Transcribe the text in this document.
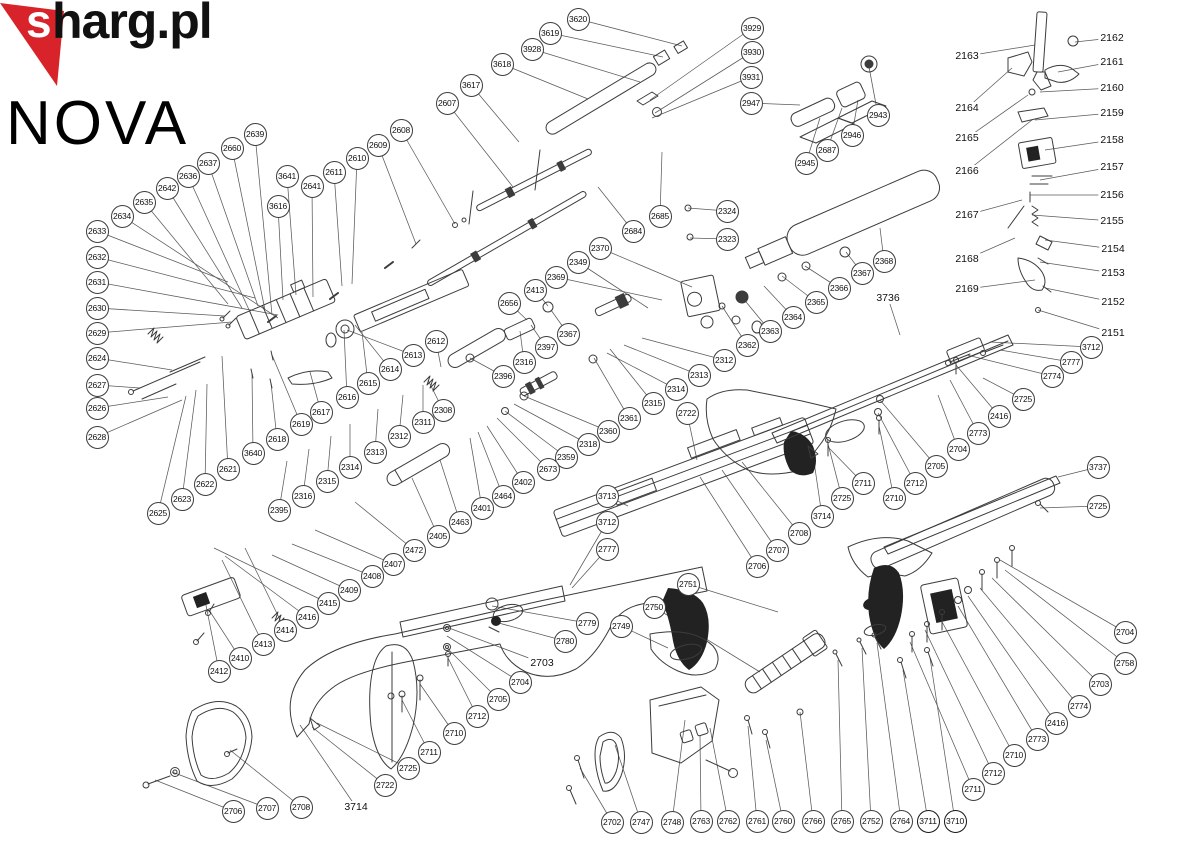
s harg.pl
NOVA
3620
3619
3928
3618
3617
2607
2608
2609
2610
2611
2639
2660
2637
2636
2642
2635
2634
2633
2632
2631
2630
2629
2624
2627
2626
2628
3641
2641
3616
3929
3930
3931
2947
2943
2946
2687
2945
2685
2684
2324
2323
2370
2349
2369
2413
2656
2367
2397
2316
2396
2612
2613
2614
2615
2616
2617
2619
2618
3640
2621
2622
2623
2625
2308
2311
2312
2313
2314
2315
2316
2395
2368
2367
2366
2365
2364
2363
2362
2312
2313
2314
2315
2361
2360
2318
2359
2673
2402
2464
2401
2463
2405
2472
2407
2408
2409
2415
2416
2414
2413
2410
2412
2722
3713
3712
2777
2751
2750
2749
2779
2780
2704
2705
2712
2710
2711
2725
2722
2706 2707 2708
3712
2777
2774
2725
2416
2773
2704
2705
2712
2710
2711
2725
3714
2708
2707
2706
3737
2725
2704
2758
2703
2774
2416
2773
2710
2712
2711
2702 2747 2748 2763 2762 2761 2760 2766 2765 2752 2764	3711	3710
2163
2164
2165
2166
2167
2168
2169
2162
2161
2160
2159
2158
2157
2156
2155
2154
2153
2152
2151
3736
2703
3714
